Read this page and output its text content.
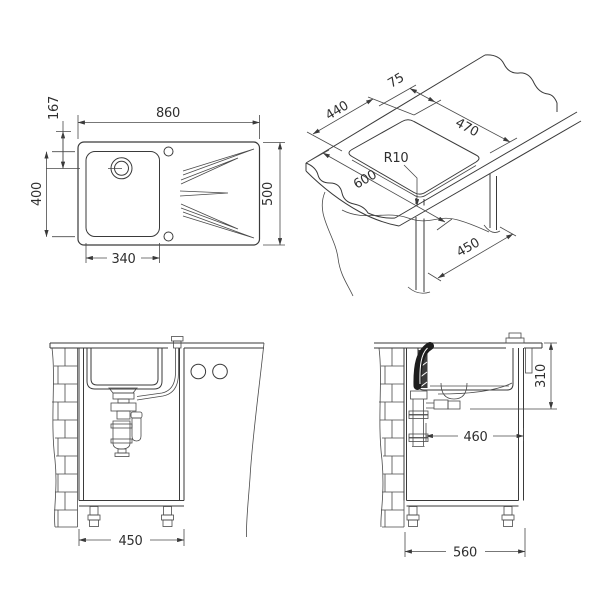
860
167
400
340
500
440
75
470
R10
600
450
450
310
460
560
